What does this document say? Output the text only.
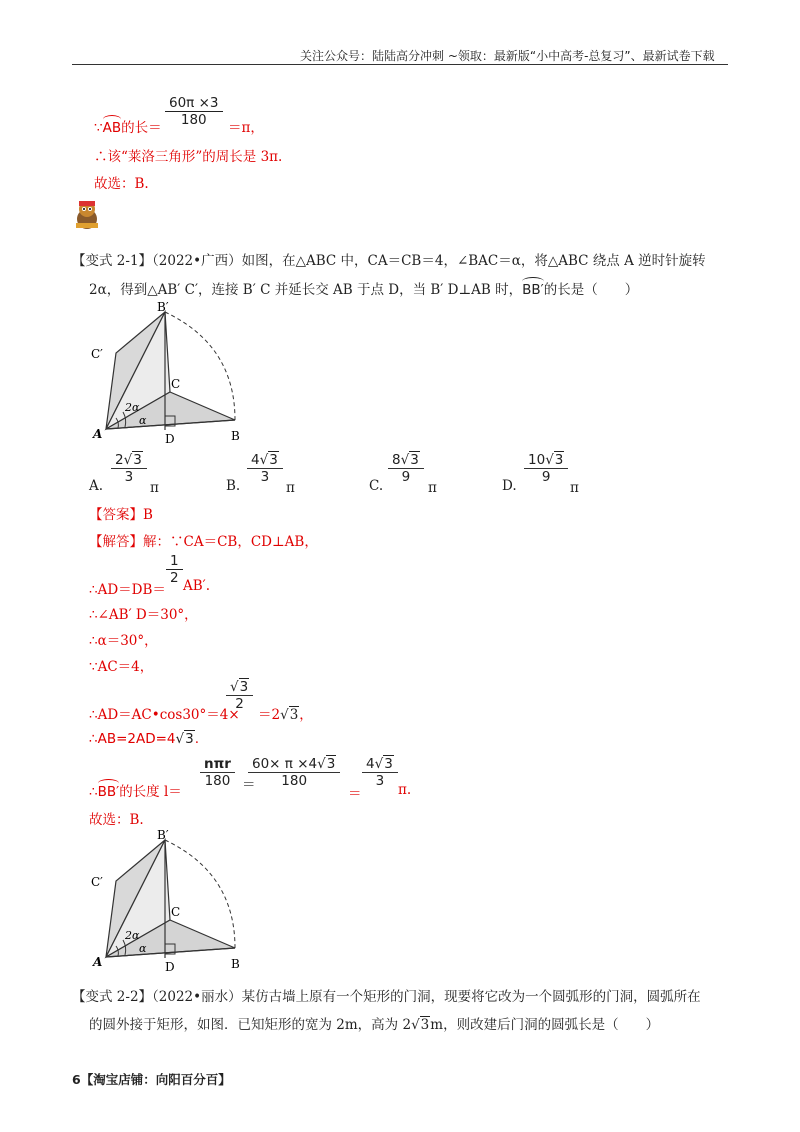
关注公众号：陆陆高分冲刺 ~领取：最新版“小中高考-总复习”、最新试卷下载
$\frac{60\pi \times 3}{180}$
∵AB的长＝	＝π，
∴该“莱洛三角形”的周长是 3π.
故选：B.
【变式 2-1】（2022•广西）如图，在△ABC 中，CA＝CB＝4，∠BAC＝α，将△ABC 绕点 A 逆时针旋转
2α，得到△AB′ C′，连接 B′ C 并延长交 AB 于点 D，当 B′ D⊥AB 时，BB′的长是（　　）
B′
C′
C
A	D	B
2α
α
A.
$\frac{2√3}{3}$
π	B.
$\frac{4√3}{3}$
π	C.
$\frac{8√3}{9}$
π	D.
$\frac{10√3}{9}$
π
【答案】B
【解答】解：∵CA＝CB，CD⊥AB，
$\frac{1}{2}$
∴AD＝DB＝ AB′.
∴∠AB′ D＝30°，
∴α＝30°，
∵AC＝4，
$\frac{√3}{2}$
∴AD＝AC•cos30°＝4× ＝2√3，
∴AB=2AD=4√3.
nπr
180 ＝
$\frac{60\times \pi \times 4√3}{180}$
＝
$\frac{4√3}{3}$
π.
∴BB′的长度 l＝
故选：B.
B′
C′
C
A	D	B
2α
α
【变式 2-2】（2022•丽水）某仿古墙上原有一个矩形的门洞，现要将它改为一个圆弧形的门洞，圆弧所在
的圆外接于矩形，如图．已知矩形的宽为 2m，高为 2√3m，则改建后门洞的圆弧长是（　　）
6【淘宝店铺：向阳百分百】
